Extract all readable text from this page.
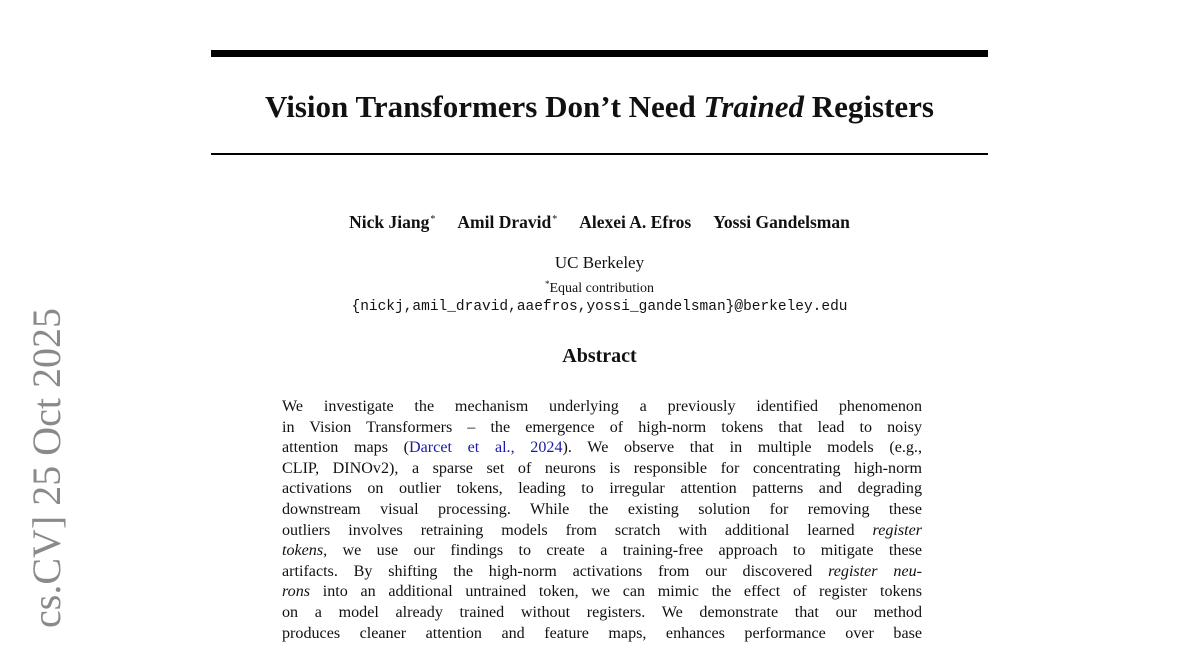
Vision Transformers Don’t Need Trained Registers
Nick Jiang* Amil Dravid* Alexei A. Efros Yossi Gandelsman
UC Berkeley
*Equal contribution
{nickj,amil_dravid,aaefros,yossi_gandelsman}@berkeley.edu
Abstract
We investigate the mechanism underlying a previously identified phenomenon
in Vision Transformers – the emergence of high-norm tokens that lead to noisy
attention maps (Darcet et al., 2024). We observe that in multiple models (e.g.,
CLIP, DINOv2), a sparse set of neurons is responsible for concentrating high-norm
activations on outlier tokens, leading to irregular attention patterns and degrading
downstream visual processing. While the existing solution for removing these
outliers involves retraining models from scratch with additional learned register
tokens, we use our findings to create a training-free approach to mitigate these
artifacts. By shifting the high-norm activations from our discovered register neu-
rons into an additional untrained token, we can mimic the effect of register tokens
on a model already trained without registers. We demonstrate that our method
produces cleaner attention and feature maps, enhances performance over base
cs.CV] 25 Oct 2025
